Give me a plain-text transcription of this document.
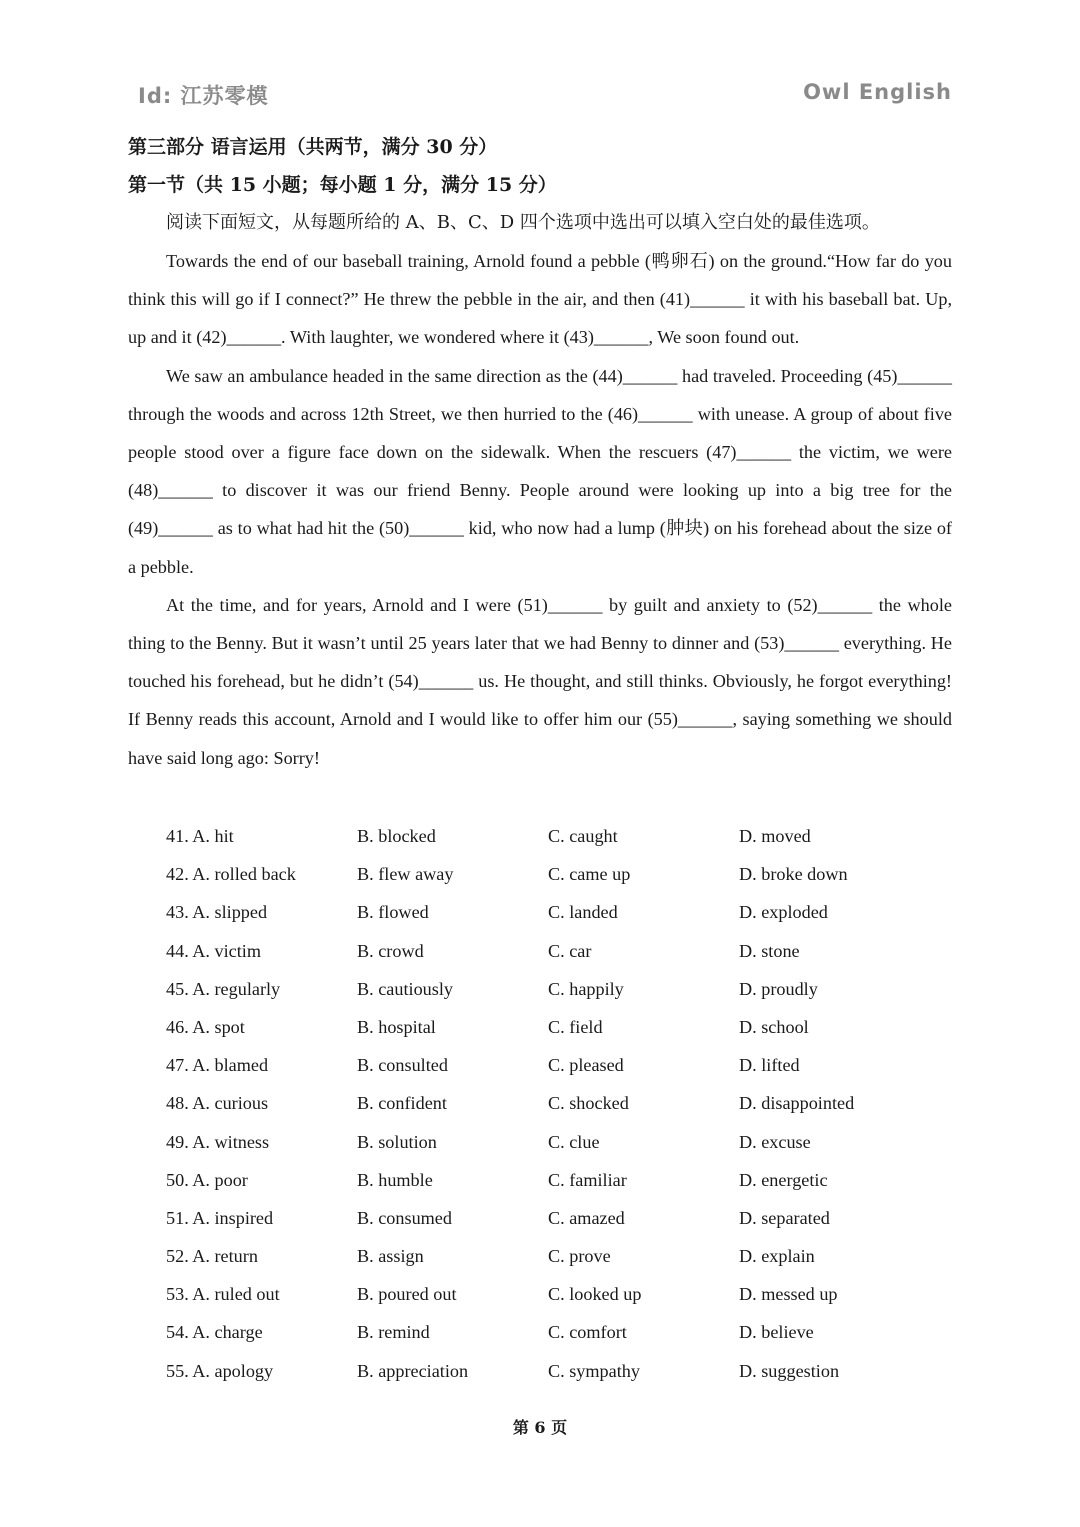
Id: 江苏零模	Owl English
第三部分 语言运用（共两节，满分 30 分）
第一节（共 15 小题；每小题 1 分，满分 15 分）
阅读下面短文，从每题所给的 A、B、C、D 四个选项中选出可以填入空白处的最佳选项。

Towards the end of our baseball training, Arnold found a pebble (鸭卵石) on the ground.“How far do you think this will go if I connect?” He threw the pebble in the air, and then (41)______ it with his baseball bat. Up, up and it (42)______. With laughter, we wondered where it (43)______, We soon found out.

We saw an ambulance headed in the same direction as the (44)______ had traveled. Proceeding (45)______ through the woods and across 12th Street, we then hurried to the (46)______ with unease. A group of about five people stood over a figure face down on the sidewalk. When the rescuers (47)______ the victim, we were (48)______ to discover it was our friend Benny. People around were looking up into a big tree for the (49)______ as to what had hit the (50)______ kid, who now had a lump (肿块) on his forehead about the size of a pebble.

At the time, and for years, Arnold and I were (51)______ by guilt and anxiety to (52)______ the whole thing to the Benny. But it wasn’t until 25 years later that we had Benny to dinner and (53)______ everything. He touched his forehead, but he didn’t (54)______ us. He thought, and still thinks. Obviously, he forgot everything! If Benny reads this account, Arnold and I would like to offer him our (55)______, saying something we should have said long ago: Sorry!

41. A. hit	B. blocked	C. caught	D. moved
42. A. rolled back	B. flew away	C. came up	D. broke down
43. A. slipped	B. flowed	C. landed	D. exploded
44. A. victim	B. crowd	C. car	D. stone
45. A. regularly	B. cautiously	C. happily	D. proudly
46. A. spot	B. hospital	C. field	D. school
47. A. blamed	B. consulted	C. pleased	D. lifted
48. A. curious	B. confident	C. shocked	D. disappointed
49. A. witness	B. solution	C. clue	D. excuse
50. A. poor	B. humble	C. familiar	D. energetic
51. A. inspired	B. consumed	C. amazed	D. separated
52. A. return	B. assign	C. prove	D. explain
53. A. ruled out	B. poured out	C. looked up	D. messed up
54. A. charge	B. remind	C. comfort	D. believe
55. A. apology	B. appreciation	C. sympathy	D. suggestion
第 6 页
